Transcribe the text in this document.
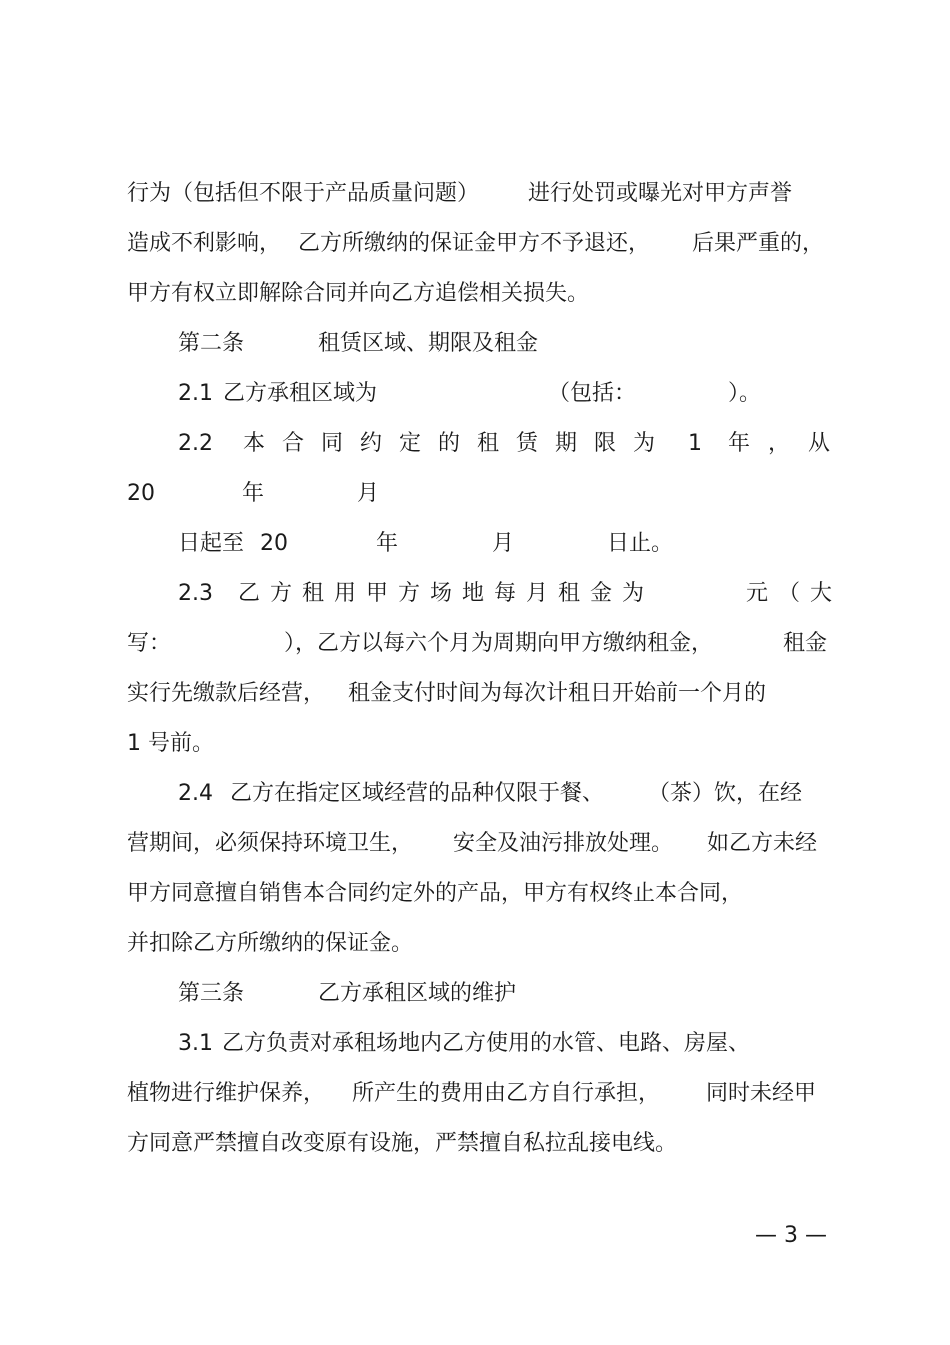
行为（包括但不限于产品质量问题） 进行处罚或曝光对甲方声誉
造成不利影响， 乙方所缴纳的保证金甲方不予退还， 后果严重的，
甲方有权立即解除合同并向乙方追偿相关损失。
第二条	租赁区域、期限及租金
2.1 乙方承租区域为	（包括：	）。
2.2 本 合 同 约 定 的 租 赁 期 限 为 1 年 ， 从
20	年	月
日起至 20	年	月	日止。
2.3 乙 方 租 用 甲 方 场 地 每 月 租 金 为	元 （ 大
写：	），乙方以每六个月为周期向甲方缴纳租金，	租金
实行先缴款后经营， 租金支付时间为每次计租日开始前一个月的
1 号前。
2.4 乙方在指定区域经营的品种仅限于餐、 （茶）饮，在经
营期间，必须保持环境卫生， 安全及油污排放处理。 如乙方未经
甲方同意擅自销售本合同约定外的产品，甲方有权终止本合同，
并扣除乙方所缴纳的保证金。
第三条	乙方承租区域的维护
3.1 乙方负责对承租场地内乙方使用的水管、电路、房屋、
植物进行维护保养， 所产生的费用由乙方自行承担， 同时未经甲
方同意严禁擅自改变原有设施，严禁擅自私拉乱接电线。
— 3 —
